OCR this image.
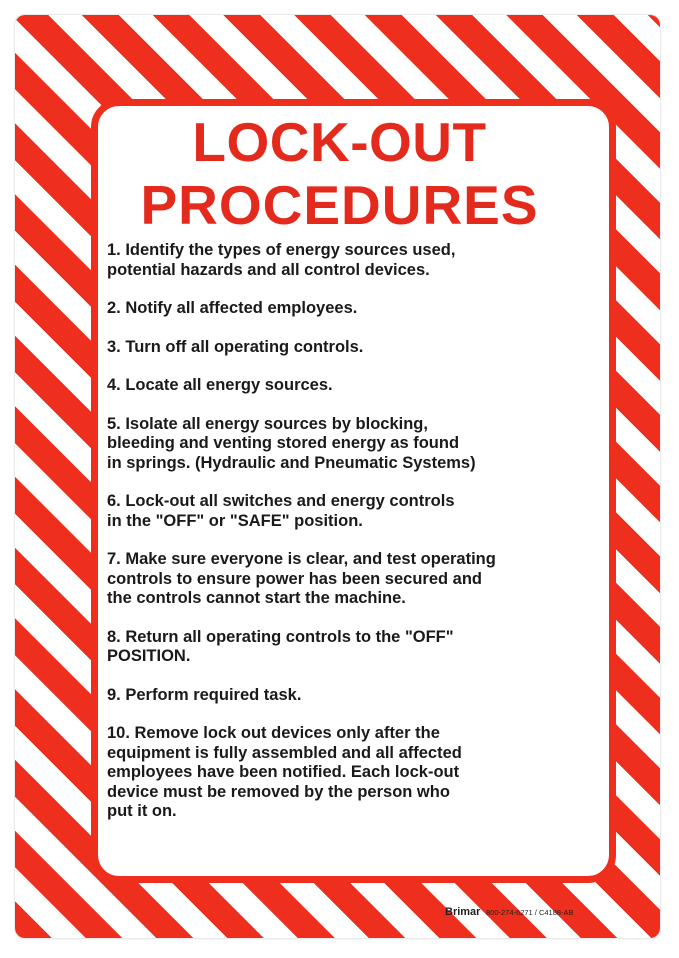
LOCK-OUT
PROCEDURES
1. Identify the types of energy sources used,
potential hazards and all control devices.
2. Notify all affected employees.
3. Turn off all operating controls.
4. Locate all energy sources.
5. Isolate all energy sources by blocking,
bleeding and venting stored energy as found
in springs. (Hydraulic and Pneumatic Systems)
6. Lock-out all switches and energy controls
in the "OFF" or "SAFE" position.
7. Make sure everyone is clear, and test operating
controls to ensure power has been secured and
the controls cannot start the machine.
8. Return all operating controls to the "OFF"
POSITION.
9. Perform required task.
10. Remove lock out devices only after the
equipment is fully assembled and all affected
employees have been notified. Each lock-out
device must be removed by the person who
put it on.
Brimar 800-274-6271 / C4188-AB
